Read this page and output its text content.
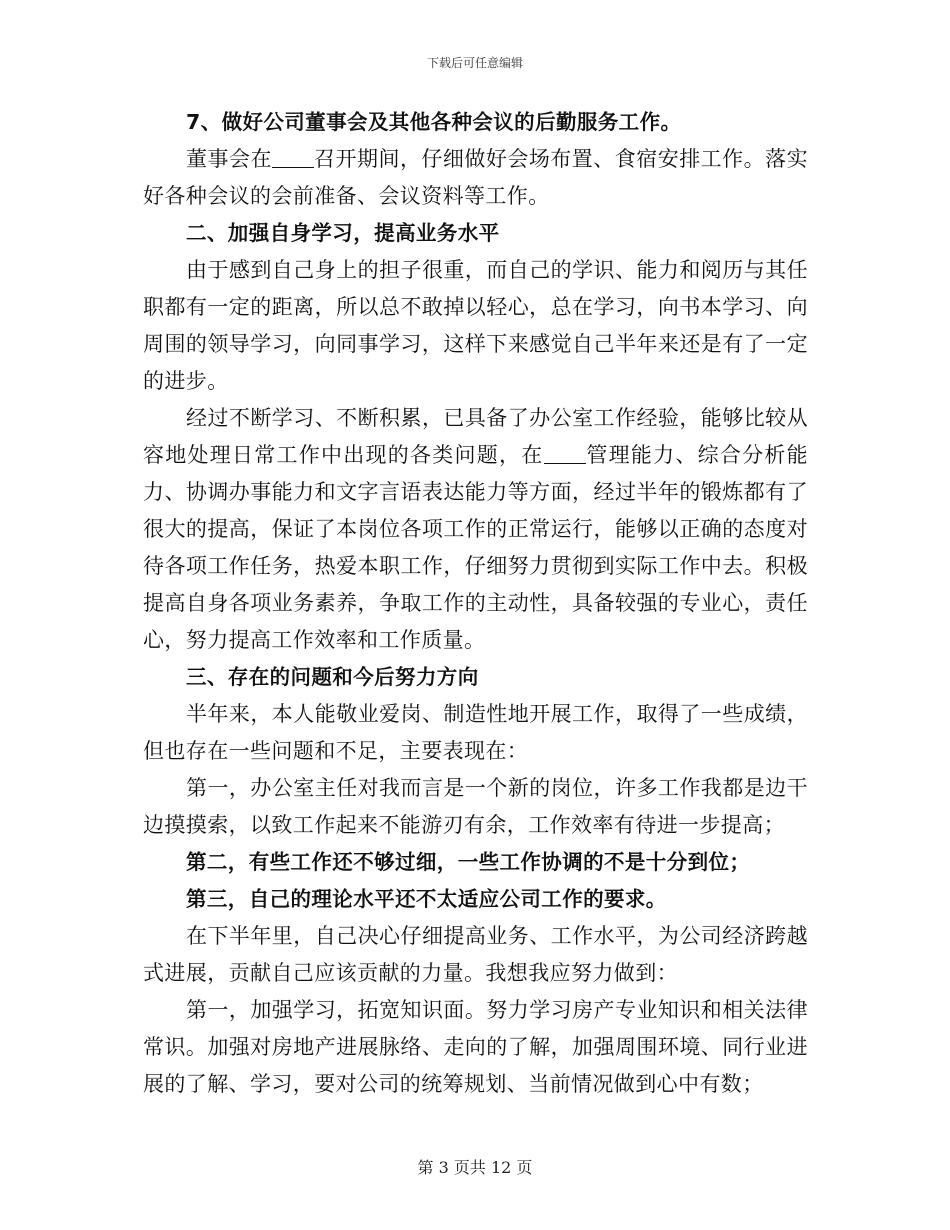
下载后可任意编辑
7、做好公司董事会及其他各种会议的后勤服务工作。
董事会在 召开期间，仔细做好会场布置、食宿安排工作。落实好各种会议的会前准备、会议资料等工作。
二、加强自身学习，提高业务水平
由于感到自己身上的担子很重，而自己的学识、能力和阅历与其任职都有一定的距离，所以总不敢掉以轻心，总在学习，向书本学习、向周围的领导学习，向同事学习，这样下来感觉自己半年来还是有了一定的进步。
经过不断学习、不断积累，已具备了办公室工作经验，能够比较从容地处理日常工作中出现的各类问题，在 管理能力、综合分析能力、协调办事能力和文字言语表达能力等方面，经过半年的锻炼都有了很大的提高，保证了本岗位各项工作的正常运行，能够以正确的态度对待各项工作任务，热爱本职工作，仔细努力贯彻到实际工作中去。积极提高自身各项业务素养，争取工作的主动性，具备较强的专业心，责任心，努力提高工作效率和工作质量。
三、存在的问题和今后努力方向
半年来，本人能敬业爱岗、制造性地开展工作，取得了一些成绩，但也存在一些问题和不足，主要表现在：
第一，办公室主任对我而言是一个新的岗位，许多工作我都是边干边摸摸索，以致工作起来不能游刃有余，工作效率有待进一步提高；
第二，有些工作还不够过细，一些工作协调的不是十分到位；
第三，自己的理论水平还不太适应公司工作的要求。
在下半年里，自己决心仔细提高业务、工作水平，为公司经济跨越式进展，贡献自己应该贡献的力量。我想我应努力做到：
第一，加强学习，拓宽知识面。努力学习房产专业知识和相关法律常识。加强对房地产进展脉络、走向的了解，加强周围环境、同行业进展的了解、学习，要对公司的统筹规划、当前情况做到心中有数；
第 3 页共 12 页
